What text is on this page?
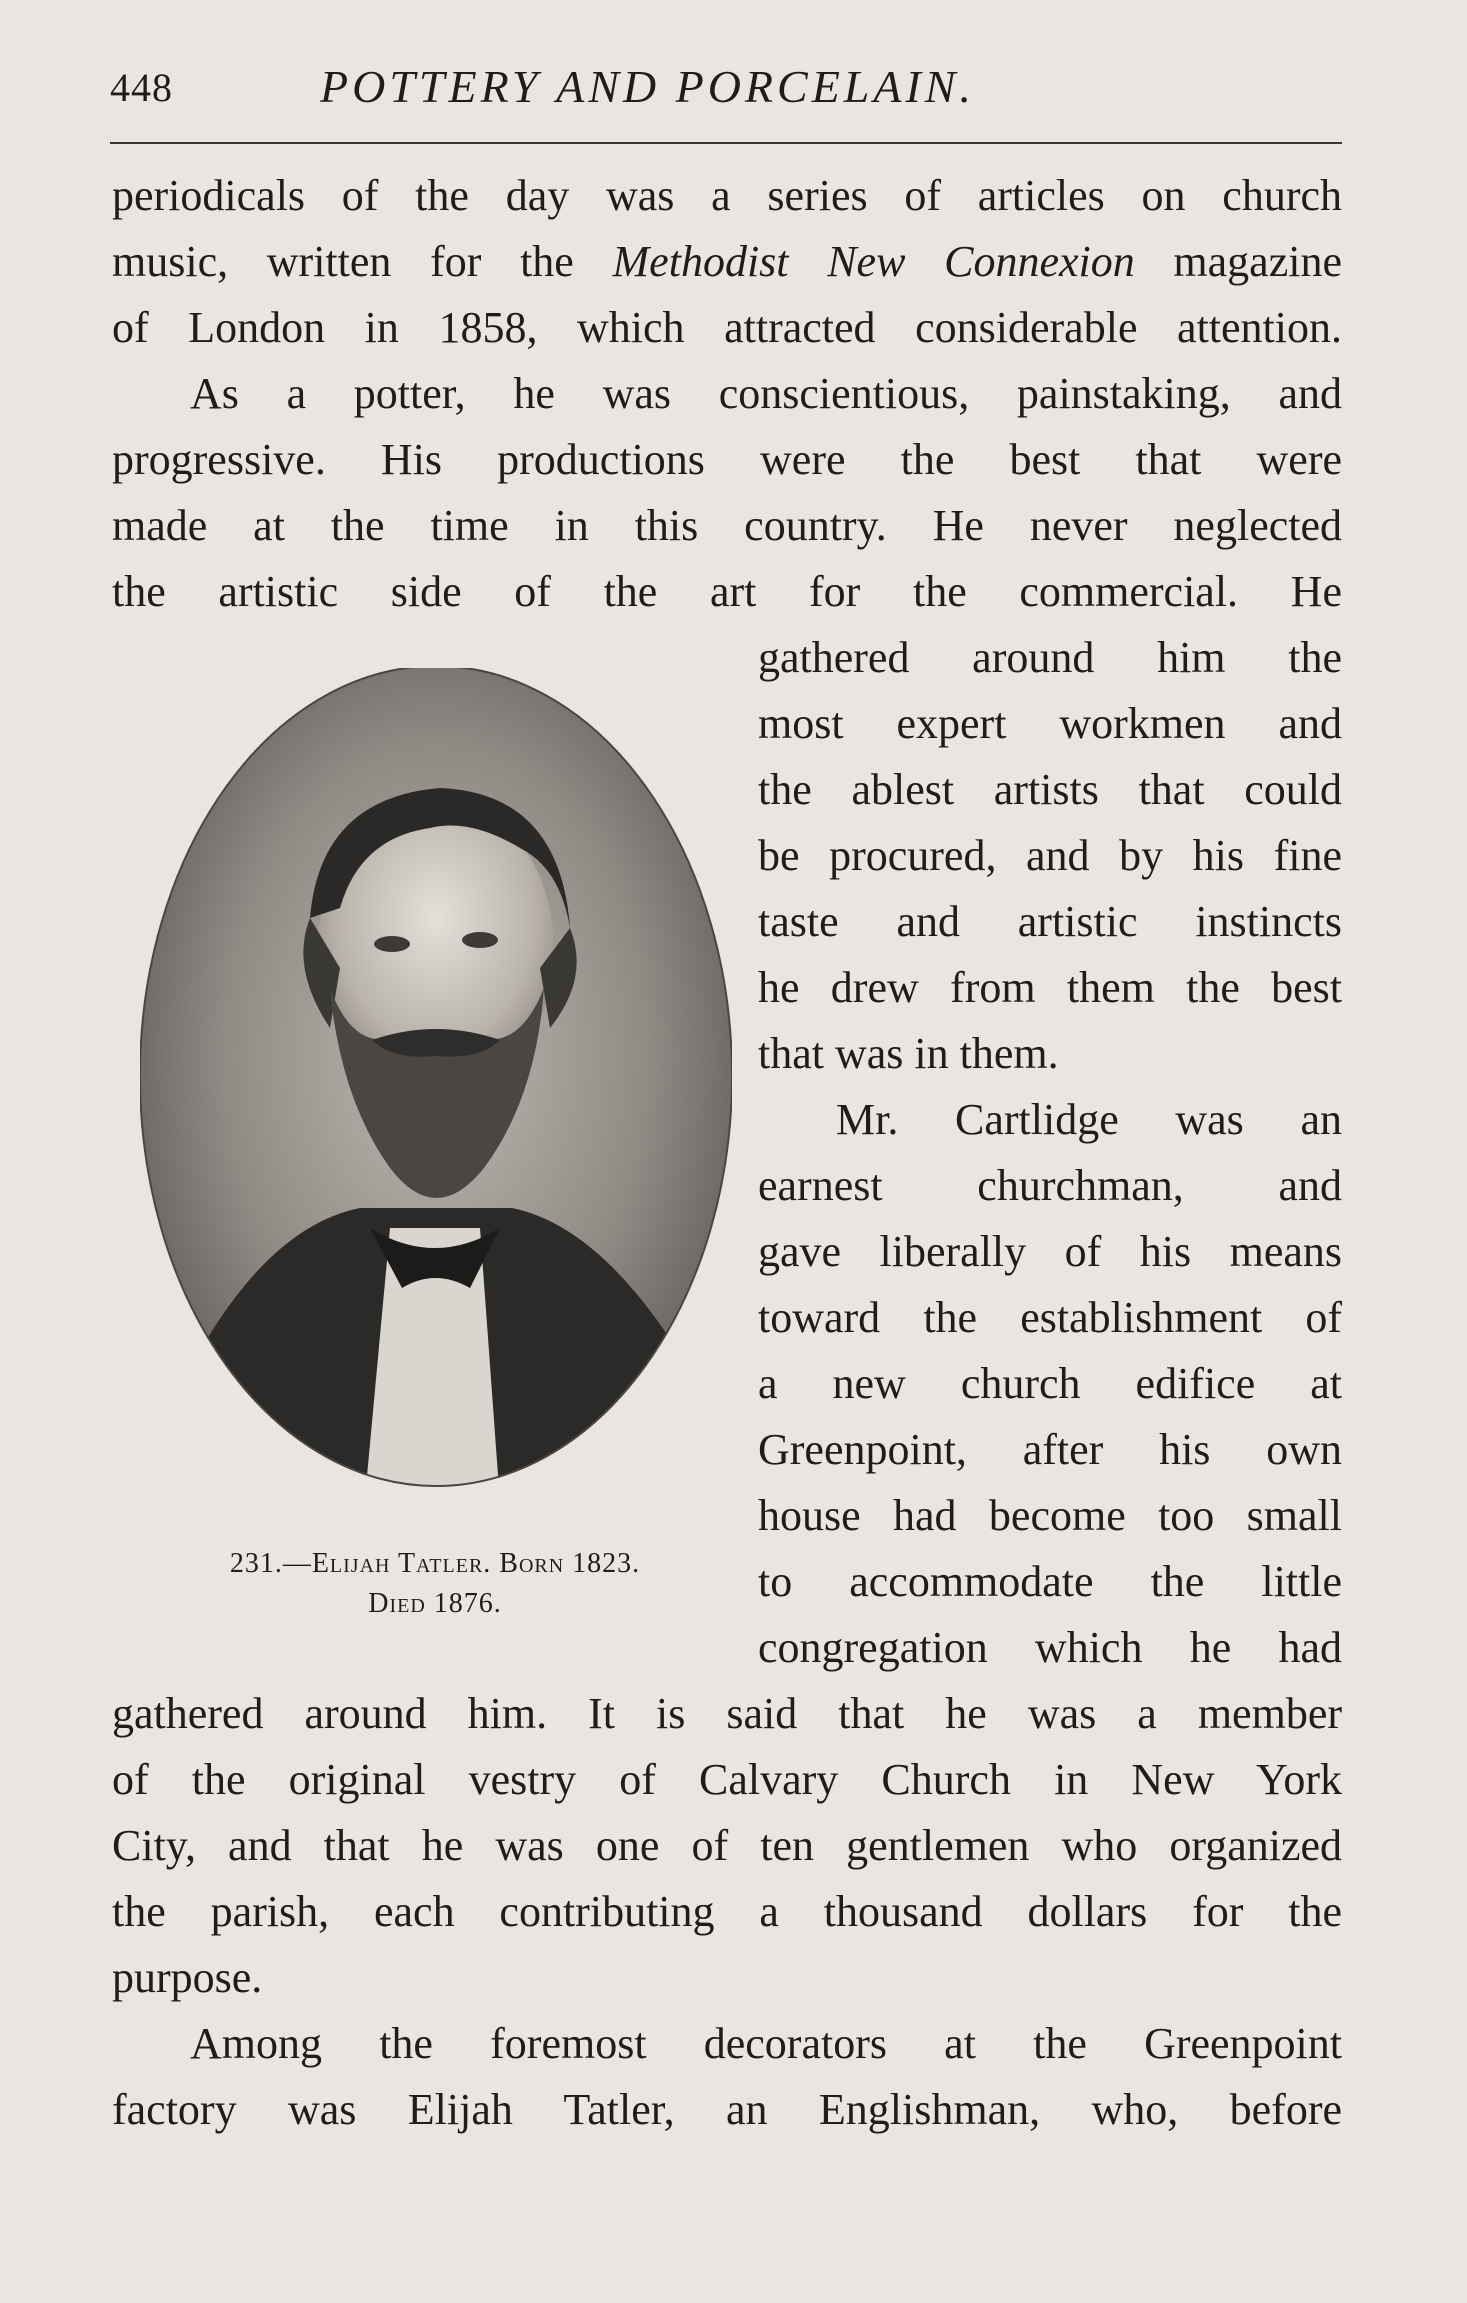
448	POTTERY AND PORCELAIN.
periodicals of the day was a series of articles on church
music, written for the Methodist New Connexion magazine
of London in 1858, which attracted considerable attention.
As a potter, he was conscientious, painstaking, and
progressive. His productions were the best that were
made at the time in this country. He never neglected
the artistic side of the art for the commercial. He
gathered around him the
most expert workmen and
the ablest artists that could
be procured, and by his fine
taste and artistic instincts
he drew from them the best
that was in them.
Mr. Cartlidge was an
earnest churchman, and
gave liberally of his means
toward the establishment of
a new church edifice at
Greenpoint, after his own
house had become too small
to accommodate the little
congregation which he had
231.—Elijah Tatler. Born 1823.
Died 1876.
gathered around him. It is said that he was a member
of the original vestry of Calvary Church in New York
City, and that he was one of ten gentlemen who organized
the parish, each contributing a thousand dollars for the
purpose.
Among the foremost decorators at the Greenpoint
factory was Elijah Tatler, an Englishman, who, before
